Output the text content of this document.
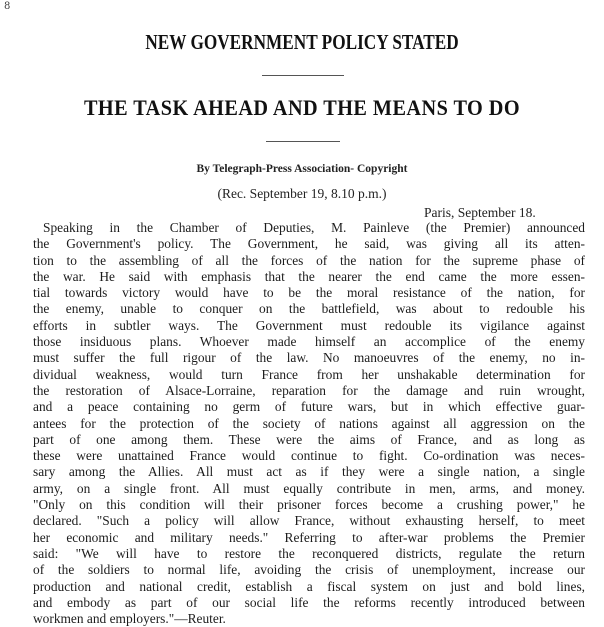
8
NEW GOVERNMENT POLICY STATED
THE TASK AHEAD AND THE MEANS TO DO
By Telegraph-Press Association- Copyright
(Rec. September 19, 8.10 p.m.)
Paris, September 18.
Speaking in the Chamber of Deputies, M. Painleve (the Premier) announced
the Government's policy. The Government, he said, was giving all its atten-
tion to the assembling of all the forces of the nation for the supreme phase of
the war. He said with emphasis that the nearer the end came the more essen-
tial towards victory would have to be the moral resistance of the nation, for
the enemy, unable to conquer on the battlefield, was about to redouble his
efforts in subtler ways. The Government must redouble its vigilance against
those insiduous plans. Whoever made himself an accomplice of the enemy
must suffer the full rigour of the law. No manoeuvres of the enemy, no in-
dividual weakness, would turn France from her unshakable determination for
the restoration of Alsace-Lorraine, reparation for the damage and ruin wrought,
and a peace containing no germ of future wars, but in which effective guar-
antees for the protection of the society of nations against all aggression on the
part of one among them. These were the aims of France, and as long as
these were unattained France would continue to fight. Co-ordination was neces-
sary among the Allies. All must act as if they were a single nation, a single
army, on a single front. All must equally contribute in men, arms, and money.
"Only on this condition will their prisoner forces become a crushing power," he
declared. "Such a policy will allow France, without exhausting herself, to meet
her economic and military needs." Referring to after-war problems the Premier
said: "We will have to restore the reconquered districts, regulate the return
of the soldiers to normal life, avoiding the crisis of unemployment, increase our
production and national credit, establish a fiscal system on just and bold lines,
and embody as part of our social life the reforms recently introduced between
workmen and employers."—Reuter.
